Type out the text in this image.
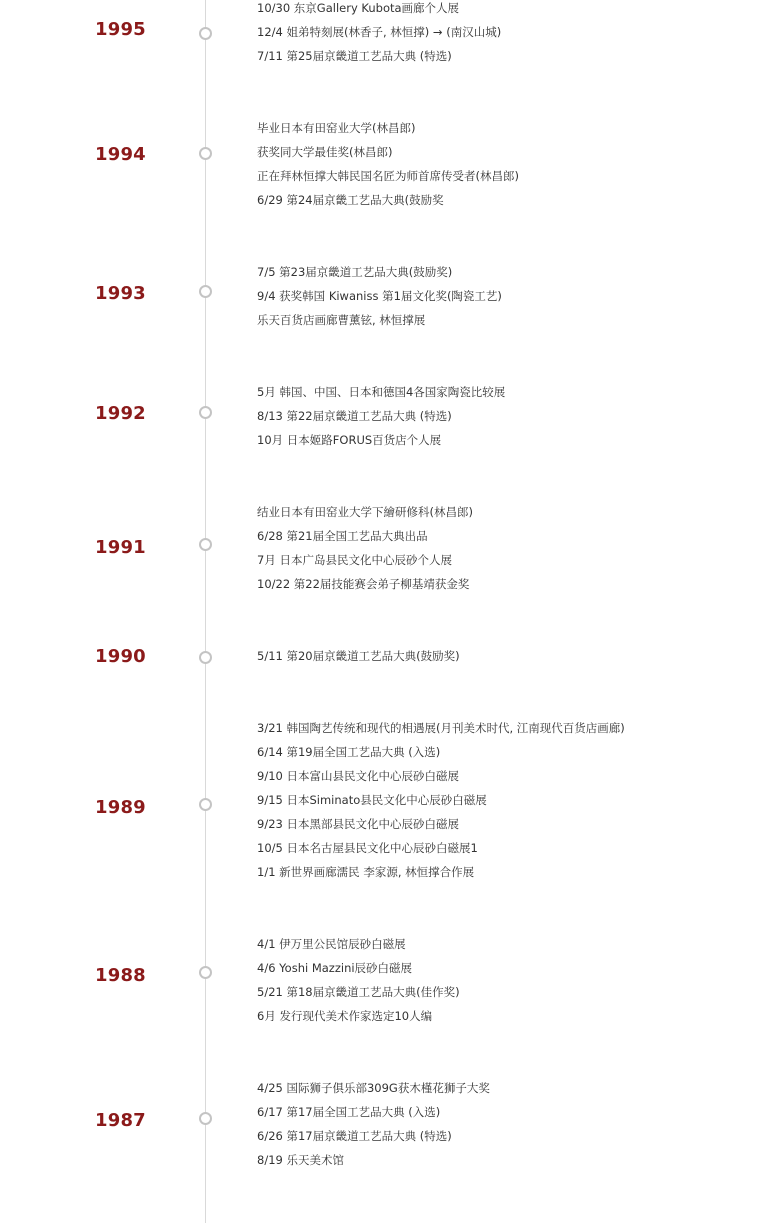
1995
10/30 东京Gallery Kubota画廊个人展
12/4 姐弟特刻展(林香子, 林恒撑) → (南汉山城)
7/11 第25届京畿道工艺品大典 (特选)
1994
毕业日本有田窑业大学(林昌郎)
获奖同大学最佳奖(林昌郎)
正在拜林恒撑大韩民国名匠为师首席传受者(林昌郎)
6/29 第24届京畿工艺品大典(鼓励奖
1993
7/5 第23届京畿道工艺品大典(鼓励奖)
9/4 获奖韩国 Kiwaniss 第1届文化奖(陶瓷工艺)
乐天百货店画廊曹薰铉, 林恒撑展
1992
5月 韩国、中国、日本和德国4各国家陶瓷比较展
8/13 第22届京畿道工艺品大典 (特选)
10月 日本姬路FORUS百货店个人展
1991
结业日本有田窑业大学下繪研修科(林昌郎)
6/28 第21届全国工艺品大典出品
7月 日本广岛县民文化中心辰砂个人展
10/22 第22届技能赛会弟子柳基靖获金奖
1990	5/11 第20届京畿道工艺品大典(鼓励奖)
1989
3/21 韩国陶艺传统和现代的相遇展(月刊美术时代, 江南现代百货店画廊)
6/14 第19届全国工艺品大典 (入选)
9/10 日本富山县民文化中心辰砂白磁展
9/15 日本Siminato县民文化中心辰砂白磁展
9/23 日本黑部县民文化中心辰砂白磁展
10/5 日本名古屋县民文化中心辰砂白磁展1
1/1 新世界画廊濡民 李家源, 林恒撑合作展
1988
4/1 伊万里公民馆辰砂白磁展
4/6 Yoshi Mazzini辰砂白磁展
5/21 第18届京畿道工艺品大典(佳作奖)
6月 发行现代美术作家选定10人编
1987
4/25 国际狮子俱乐部309G获木槿花狮子大奖
6/17 第17届全国工艺品大典 (入选)
6/26 第17届京畿道工艺品大典 (特选)
8/19 乐天美术馆
